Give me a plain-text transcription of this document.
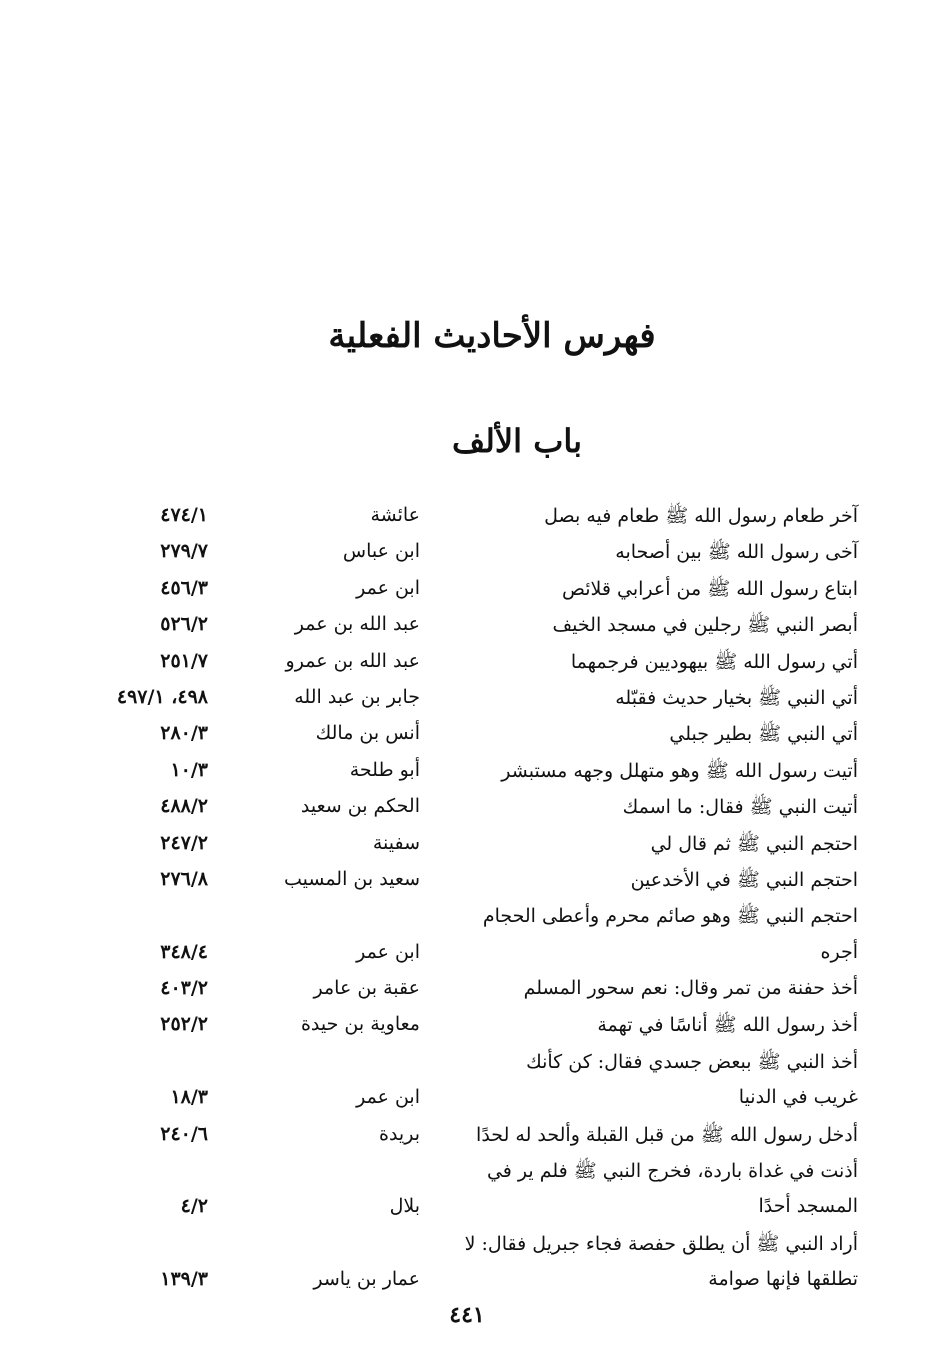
فهرس الأحاديث الفعلية
باب الألف
آخر طعام رسول الله ﷺ طعام فيه بصل
عائشة
٤٧٤/١
آخى رسول الله ﷺ بين أصحابه
ابن عباس
٢٧٩/٧
ابتاع رسول الله ﷺ من أعرابي قلائص
ابن عمر
٤٥٦/٣
أبصر النبي ﷺ رجلين في مسجد الخيف
عبد الله بن عمر
٥٢٦/٢
أتي رسول الله ﷺ بيهوديين فرجمهما
عبد الله بن عمرو
٢٥١/٧
أتي النبي ﷺ بخيار حديث فقبّله
جابر بن عبد الله
٤٩٨، ٤٩٧/١
أتي النبي ﷺ بطير جبلي
أنس بن مالك
٢٨٠/٣
أتيت رسول الله ﷺ وهو متهلل وجهه مستبشر
أبو طلحة
١٠/٣
أتيت النبي ﷺ فقال: ما اسمك
الحكم بن سعيد
٤٨٨/٢
احتجم النبي ﷺ ثم قال لي
سفينة
٢٤٧/٢
احتجم النبي ﷺ في الأخدعين
سعيد بن المسيب
٢٧٦/٨
احتجم النبي ﷺ وهو صائم محرم وأعطى الحجام
أجره
ابن عمر
٣٤٨/٤
أخذ حفنة من تمر وقال: نعم سحور المسلم
عقبة بن عامر
٤٠٣/٢
أخذ رسول الله ﷺ أناسًا في تهمة
معاوية بن حيدة
٢٥٢/٢
أخذ النبي ﷺ ببعض جسدي فقال: كن كأنك
غريب في الدنيا
ابن عمر
١٨/٣
أدخل رسول الله ﷺ من قبل القبلة وألحد له لحدًا
بريدة
٢٤٠/٦
أذنت في غداة باردة، فخرج النبي ﷺ فلم ير في
المسجد أحدًا
بلال
٤/٢
أراد النبي ﷺ أن يطلق حفصة فجاء جبريل فقال: لا
تطلقها فإنها صوامة
عمار بن ياسر
١٣٩/٣
٤٤١
